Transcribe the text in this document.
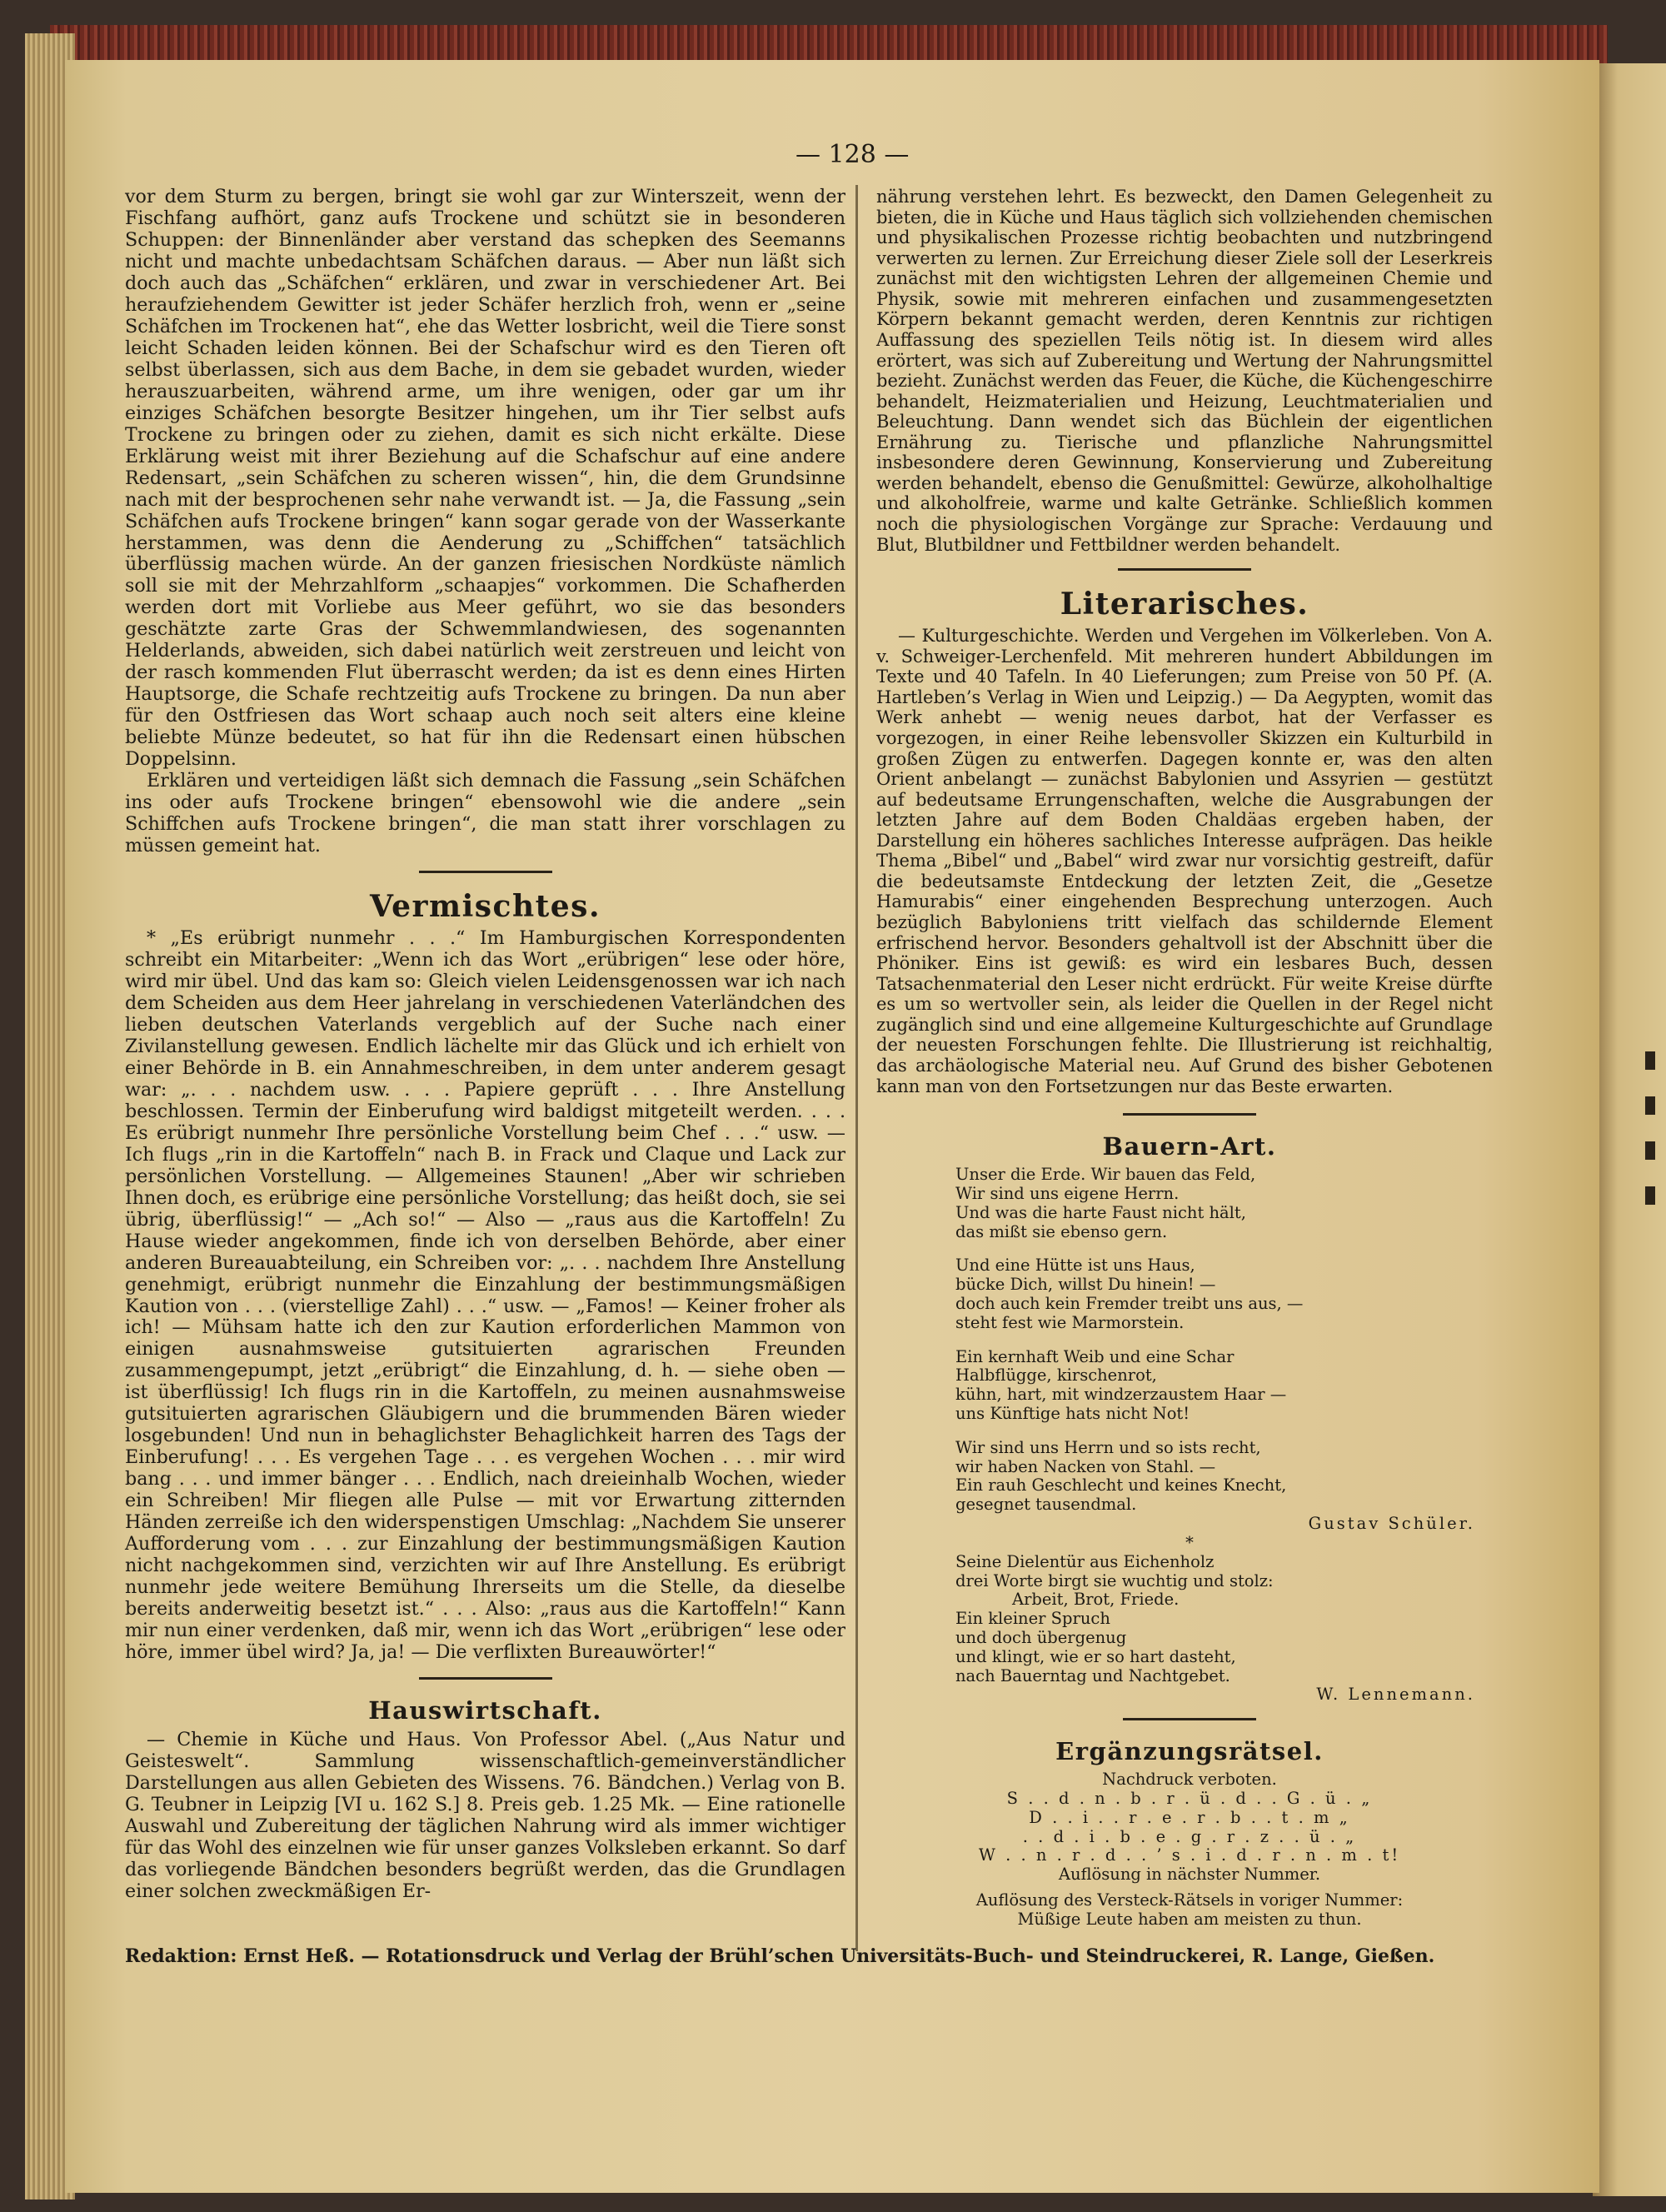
— 128 —

vor dem Sturm zu bergen, bringt sie wohl gar zur Winterszeit, wenn der Fischfang aufhört, ganz aufs Trockene und schützt sie in besonderen Schuppen: der Binnenländer aber verstand das schepken des Seemanns nicht und machte unbedachtsam Schäfchen daraus. — Aber nun läßt sich doch auch das „Schäfchen“ erklären, und zwar in verschiedener Art. Bei heraufziehendem Gewitter ist jeder Schäfer herzlich froh, wenn er „seine Schäfchen im Trockenen hat“, ehe das Wetter losbricht, weil die Tiere sonst leicht Schaden leiden können. Bei der Schafschur wird es den Tieren oft selbst überlassen, sich aus dem Bache, in dem sie gebadet wurden, wieder herauszuarbeiten, während arme, um ihre wenigen, oder gar um ihr einziges Schäfchen besorgte Besitzer hingehen, um ihr Tier selbst aufs Trockene zu bringen oder zu ziehen, damit es sich nicht erkälte. Diese Erklärung weist mit ihrer Beziehung auf die Schafschur auf eine andere Redensart, „sein Schäfchen zu scheren wissen“, hin, die dem Grundsinne nach mit der besprochenen sehr nahe verwandt ist. — Ja, die Fassung „sein Schäfchen aufs Trockene bringen“ kann sogar gerade von der Wasserkante herstammen, was denn die Aenderung zu „Schiffchen“ tatsächlich überflüssig machen würde. An der ganzen friesischen Nordküste nämlich soll sie mit der Mehrzahlform „schaapjes“ vorkommen. Die Schafherden werden dort mit Vorliebe aus Meer geführt, wo sie das besonders geschätzte zarte Gras der Schwemmlandwiesen, des sogenannten Helderlands, abweiden, sich dabei natürlich weit zerstreuen und leicht von der rasch kommenden Flut überrascht werden; da ist es denn eines Hirten Hauptsorge, die Schafe rechtzeitig aufs Trockene zu bringen. Da nun aber für den Ostfriesen das Wort schaap auch noch seit alters eine kleine beliebte Münze bedeutet, so hat für ihn die Redensart einen hübschen Doppelsinn.

Erklären und verteidigen läßt sich demnach die Fassung „sein Schäfchen ins oder aufs Trockene bringen“ ebensowohl wie die andere „sein Schiffchen aufs Trockene bringen“, die man statt ihrer vorschlagen zu müssen gemeint hat.

Vermischtes.

* „Es erübrigt nunmehr . . .“ Im Hamburgischen Korrespondenten schreibt ein Mitarbeiter: „Wenn ich das Wort „erübrigen“ lese oder höre, wird mir übel. Und das kam so: Gleich vielen Leidensgenossen war ich nach dem Scheiden aus dem Heer jahrelang in verschiedenen Vaterländchen des lieben deutschen Vaterlands vergeblich auf der Suche nach einer Zivilanstellung gewesen. Endlich lächelte mir das Glück und ich erhielt von einer Behörde in B. ein Annahmeschreiben, in dem unter anderem gesagt war: „. . . nachdem usw. . . . Papiere geprüft . . . Ihre Anstellung beschlossen. Termin der Einberufung wird baldigst mitgeteilt werden. . . . Es erübrigt nunmehr Ihre persönliche Vorstellung beim Chef . . .“ usw. — Ich flugs „rin in die Kartoffeln“ nach B. in Frack und Claque und Lack zur persönlichen Vorstellung. — Allgemeines Staunen! „Aber wir schrieben Ihnen doch, es erübrige eine persönliche Vorstellung; das heißt doch, sie sei übrig, überflüssig!“ — „Ach so!“ — Also — „raus aus die Kartoffeln! Zu Hause wieder angekommen, finde ich von derselben Behörde, aber einer anderen Bureauabteilung, ein Schreiben vor: „. . . nachdem Ihre Anstellung genehmigt, erübrigt nunmehr die Einzahlung der bestimmungsmäßigen Kaution von . . . (vierstellige Zahl) . . .“ usw. — „Famos! — Keiner froher als ich! — Mühsam hatte ich den zur Kaution erforderlichen Mammon von einigen ausnahmsweise gutsituierten agrarischen Freunden zusammengepumpt, jetzt „erübrigt“ die Einzahlung, d. h. — siehe oben — ist überflüssig! Ich flugs rin in die Kartoffeln, zu meinen ausnahmsweise gutsituierten agrarischen Gläubigern und die brummenden Bären wieder losgebunden! Und nun in behaglichster Behaglichkeit harren des Tags der Einberufung! . . . Es vergehen Tage . . . es vergehen Wochen . . . mir wird bang . . . und immer bänger . . . Endlich, nach dreieinhalb Wochen, wieder ein Schreiben! Mir fliegen alle Pulse — mit vor Erwartung zitternden Händen zerreiße ich den widerspenstigen Umschlag: „Nachdem Sie unserer Aufforderung vom . . . zur Einzahlung der bestimmungsmäßigen Kaution nicht nachgekommen sind, verzichten wir auf Ihre Anstellung. Es erübrigt nunmehr jede weitere Bemühung Ihrerseits um die Stelle, da dieselbe bereits anderweitig besetzt ist.“ . . . Also: „raus aus die Kartoffeln!“ Kann mir nun einer verdenken, daß mir, wenn ich das Wort „erübrigen“ lese oder höre, immer übel wird? Ja, ja! — Die verflixten Bureauwörter!“

Hauswirtschaft.

— Chemie in Küche und Haus. Von Professor Abel. („Aus Natur und Geisteswelt“. Sammlung wissenschaftlich-gemeinverständlicher Darstellungen aus allen Gebieten des Wissens. 76. Bändchen.) Verlag von B. G. Teubner in Leipzig [VI u. 162 S.] 8. Preis geb. 1.25 Mk. — Eine rationelle Auswahl und Zubereitung der täglichen Nahrung wird als immer wichtiger für das Wohl des einzelnen wie für unser ganzes Volksleben erkannt. So darf das vorliegende Bändchen besonders begrüßt werden, das die Grundlagen einer solchen zweckmäßigen Er-

nährung verstehen lehrt. Es bezweckt, den Damen Gelegenheit zu bieten, die in Küche und Haus täglich sich vollziehenden chemischen und physikalischen Prozesse richtig beobachten und nutzbringend verwerten zu lernen. Zur Erreichung dieser Ziele soll der Leserkreis zunächst mit den wichtigsten Lehren der allgemeinen Chemie und Physik, sowie mit mehreren einfachen und zusammengesetzten Körpern bekannt gemacht werden, deren Kenntnis zur richtigen Auffassung des speziellen Teils nötig ist. In diesem wird alles erörtert, was sich auf Zubereitung und Wertung der Nahrungsmittel bezieht. Zunächst werden das Feuer, die Küche, die Küchengeschirre behandelt, Heizmaterialien und Heizung, Leuchtmaterialien und Beleuchtung. Dann wendet sich das Büchlein der eigentlichen Ernährung zu. Tierische und pflanzliche Nahrungsmittel insbesondere deren Gewinnung, Konservierung und Zubereitung werden behandelt, ebenso die Genußmittel: Gewürze, alkoholhaltige und alkoholfreie, warme und kalte Getränke. Schließlich kommen noch die physiologischen Vorgänge zur Sprache: Verdauung und Blut, Blutbildner und Fettbildner werden behandelt.

Literarisches.

— Kulturgeschichte. Werden und Vergehen im Völkerleben. Von A. v. Schweiger-Lerchenfeld. Mit mehreren hundert Abbildungen im Texte und 40 Tafeln. In 40 Lieferungen; zum Preise von 50 Pf. (A. Hartleben’s Verlag in Wien und Leipzig.) — Da Aegypten, womit das Werk anhebt — wenig neues darbot, hat der Verfasser es vorgezogen, in einer Reihe lebensvoller Skizzen ein Kulturbild in großen Zügen zu entwerfen. Dagegen konnte er, was den alten Orient anbelangt — zunächst Babylonien und Assyrien — gestützt auf bedeutsame Errungenschaften, welche die Ausgrabungen der letzten Jahre auf dem Boden Chaldäas ergeben haben, der Darstellung ein höheres sachliches Interesse aufprägen. Das heikle Thema „Bibel“ und „Babel“ wird zwar nur vorsichtig gestreift, dafür die bedeutsamste Entdeckung der letzten Zeit, die „Gesetze Hamurabis“ einer eingehenden Besprechung unterzogen. Auch bezüglich Babyloniens tritt vielfach das schildernde Element erfrischend hervor. Besonders gehaltvoll ist der Abschnitt über die Phöniker. Eins ist gewiß: es wird ein lesbares Buch, dessen Tatsachenmaterial den Leser nicht erdrückt. Für weite Kreise dürfte es um so wertvoller sein, als leider die Quellen in der Regel nicht zugänglich sind und eine allgemeine Kulturgeschichte auf Grundlage der neuesten Forschungen fehlte. Die Illustrierung ist reichhaltig, das archäologische Material neu. Auf Grund des bisher Gebotenen kann man von den Fortsetzungen nur das Beste erwarten.

Bauern-Art.

Unser die Erde. Wir bauen das Feld,

Wir sind uns eigene Herrn.

Und was die harte Faust nicht hält,

das mißt sie ebenso gern.

Und eine Hütte ist uns Haus,

bücke Dich, willst Du hinein! —

doch auch kein Fremder treibt uns aus, —

steht fest wie Marmorstein.

Ein kernhaft Weib und eine Schar

Halbflügge, kirschenrot,

kühn, hart, mit windzerzaustem Haar —

uns Künftige hats nicht Not!

Wir sind uns Herrn und so ists recht,

wir haben Nacken von Stahl. —

Ein rauh Geschlecht und keines Knecht,

gesegnet tausendmal.

Gustav Schüler.

*

Seine Dielentür aus Eichenholz

drei Worte birgt sie wuchtig und stolz:

Arbeit, Brot, Friede.

Ein kleiner Spruch

und doch übergenug

und klingt, wie er so hart dasteht,

nach Bauerntag und Nachtgebet.

W. Lennemann.

Ergänzungsrätsel.

Nachdruck verboten.

S . . d . n . b . r . ü . d . . G . ü . „

D . . i . . r . e . r . b . . t . m „

. . d . i . b . e . g . r . z . . ü . „

W . . n . r . d . . ’ s . i . d . r . n . m . t!

Auflösung in nächster Nummer.

Auflösung des Versteck-Rätsels in voriger Nummer:

Müßige Leute haben am meisten zu thun.

Redaktion: Ernst Heß. — Rotationsdruck und Verlag der Brühl’schen Universitäts-Buch- und Steindruckerei, R. Lange, Gießen.
